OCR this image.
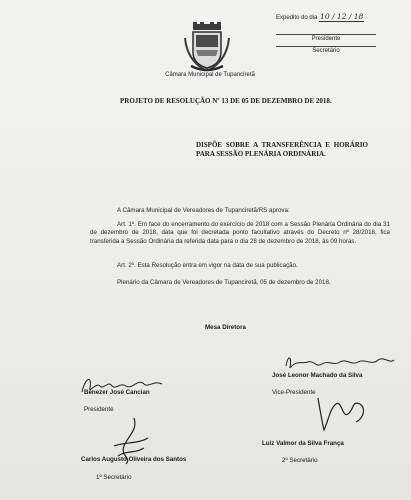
Câmara Municipal de Tupanciretã
Expedito do dia 10 / 12 / 18
Presidente
Secretário
PROJETO DE RESOLUÇÃO Nº 13 DE 05 DE DEZEMBRO DE 2018.
DISPÕE SOBRE A TRANSFERÊNCIA E HORÁRIO PARA SESSÃO PLENÁRIA ORDINÁRIA.
A Câmara Municipal de Vereadores de Tupanciretã/RS aprova:
Art. 1º. Em face do encerramento do exercício de 2018 com a Sessão Plenária Ordinária do dia 31 de dezembro de 2018, data que foi decretada ponto facultativo através do Decreto nº 28/2018, fica transferida a Sessão Ordinária da referida data para o dia 28 de dezembro de 2018, às 09 horas.
Art. 2º. Esta Resolução entra em vigor na data de sua publicação.
Plenário da Câmara de Vereadores de Tupanciretã, 05 de dezembro de 2018.
Mesa Diretora
Benezer José Cancian
Presidente
José Leonor Machado da Silva
Vice-Presidente
Carlos Augusto Oliveira dos Santos
1º Secretário
Luiz Valmor da Silva França
2º Secretário
